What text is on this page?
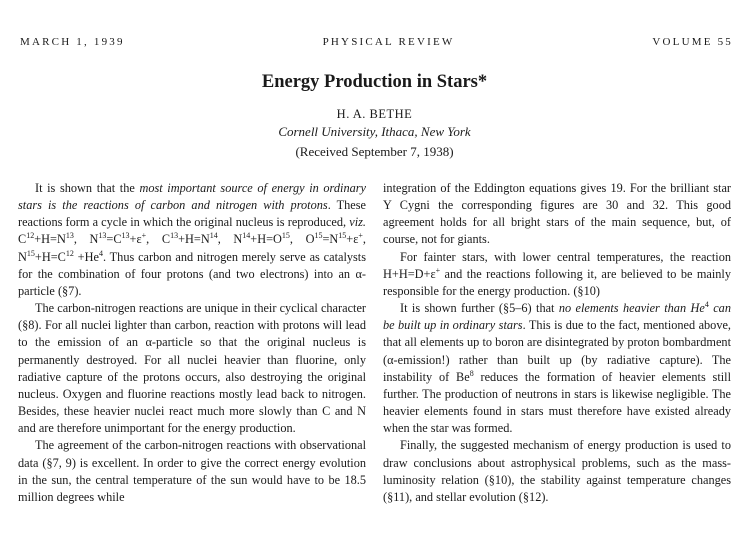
MARCH 1, 1939	PHYSICAL REVIEW	VOLUME 55
Energy Production in Stars*
H. A. BETHE
Cornell University, Ithaca, New York
(Received September 7, 1938)

It is shown that the most important source of energy in ordinary stars is the reactions of carbon and nitrogen with protons. These reactions form a cycle in which the original nucleus is reproduced, viz. $C^{12}+H=N^{13}$, $N^{13}=C^{13}+\varepsilon^+$, $C^{13}+H=N^{14}$, $N^{14}+H=O^{15}$, $O^{15}=N^{15}+\varepsilon^+$, $N^{15}+H=C^{12} +He^4$. Thus carbon and nitrogen merely serve as catalysts for the combination of four protons (and two electrons) into an α-particle (§7).

The carbon-nitrogen reactions are unique in their cyclical character (§8). For all nuclei lighter than carbon, reaction with protons will lead to the emission of an α-particle so that the original nucleus is permanently destroyed. For all nuclei heavier than fluorine, only radiative capture of the protons occurs, also destroying the original nucleus. Oxygen and fluorine reactions mostly lead back to nitrogen. Besides, these heavier nuclei react much more slowly than C and N and are therefore unimportant for the energy production.

The agreement of the carbon-nitrogen reactions with observational data (§7, 9) is excellent. In order to give the correct energy evolution in the sun, the central temperature of the sun would have to be 18.5 million degrees while

integration of the Eddington equations gives 19. For the brilliant star Y Cygni the corresponding figures are 30 and 32. This good agreement holds for all bright stars of the main sequence, but, of course, not for giants.

For fainter stars, with lower central temperatures, the reaction H+H=D+ε+ and the reactions following it, are believed to be mainly responsible for the energy production. (§10)

It is shown further (§5–6) that no elements heavier than He$^4$ can be built up in ordinary stars. This is due to the fact, mentioned above, that all elements up to boron are disintegrated by proton bombardment (α-emission!) rather than built up (by radiative capture). The instability of Be$^8$ reduces the formation of heavier elements still further. The production of neutrons in stars is likewise negligible. The heavier elements found in stars must therefore have existed already when the star was formed.

Finally, the suggested mechanism of energy production is used to draw conclusions about astrophysical problems, such as the mass-luminosity relation (§10), the stability against temperature changes (§11), and stellar evolution (§12).
